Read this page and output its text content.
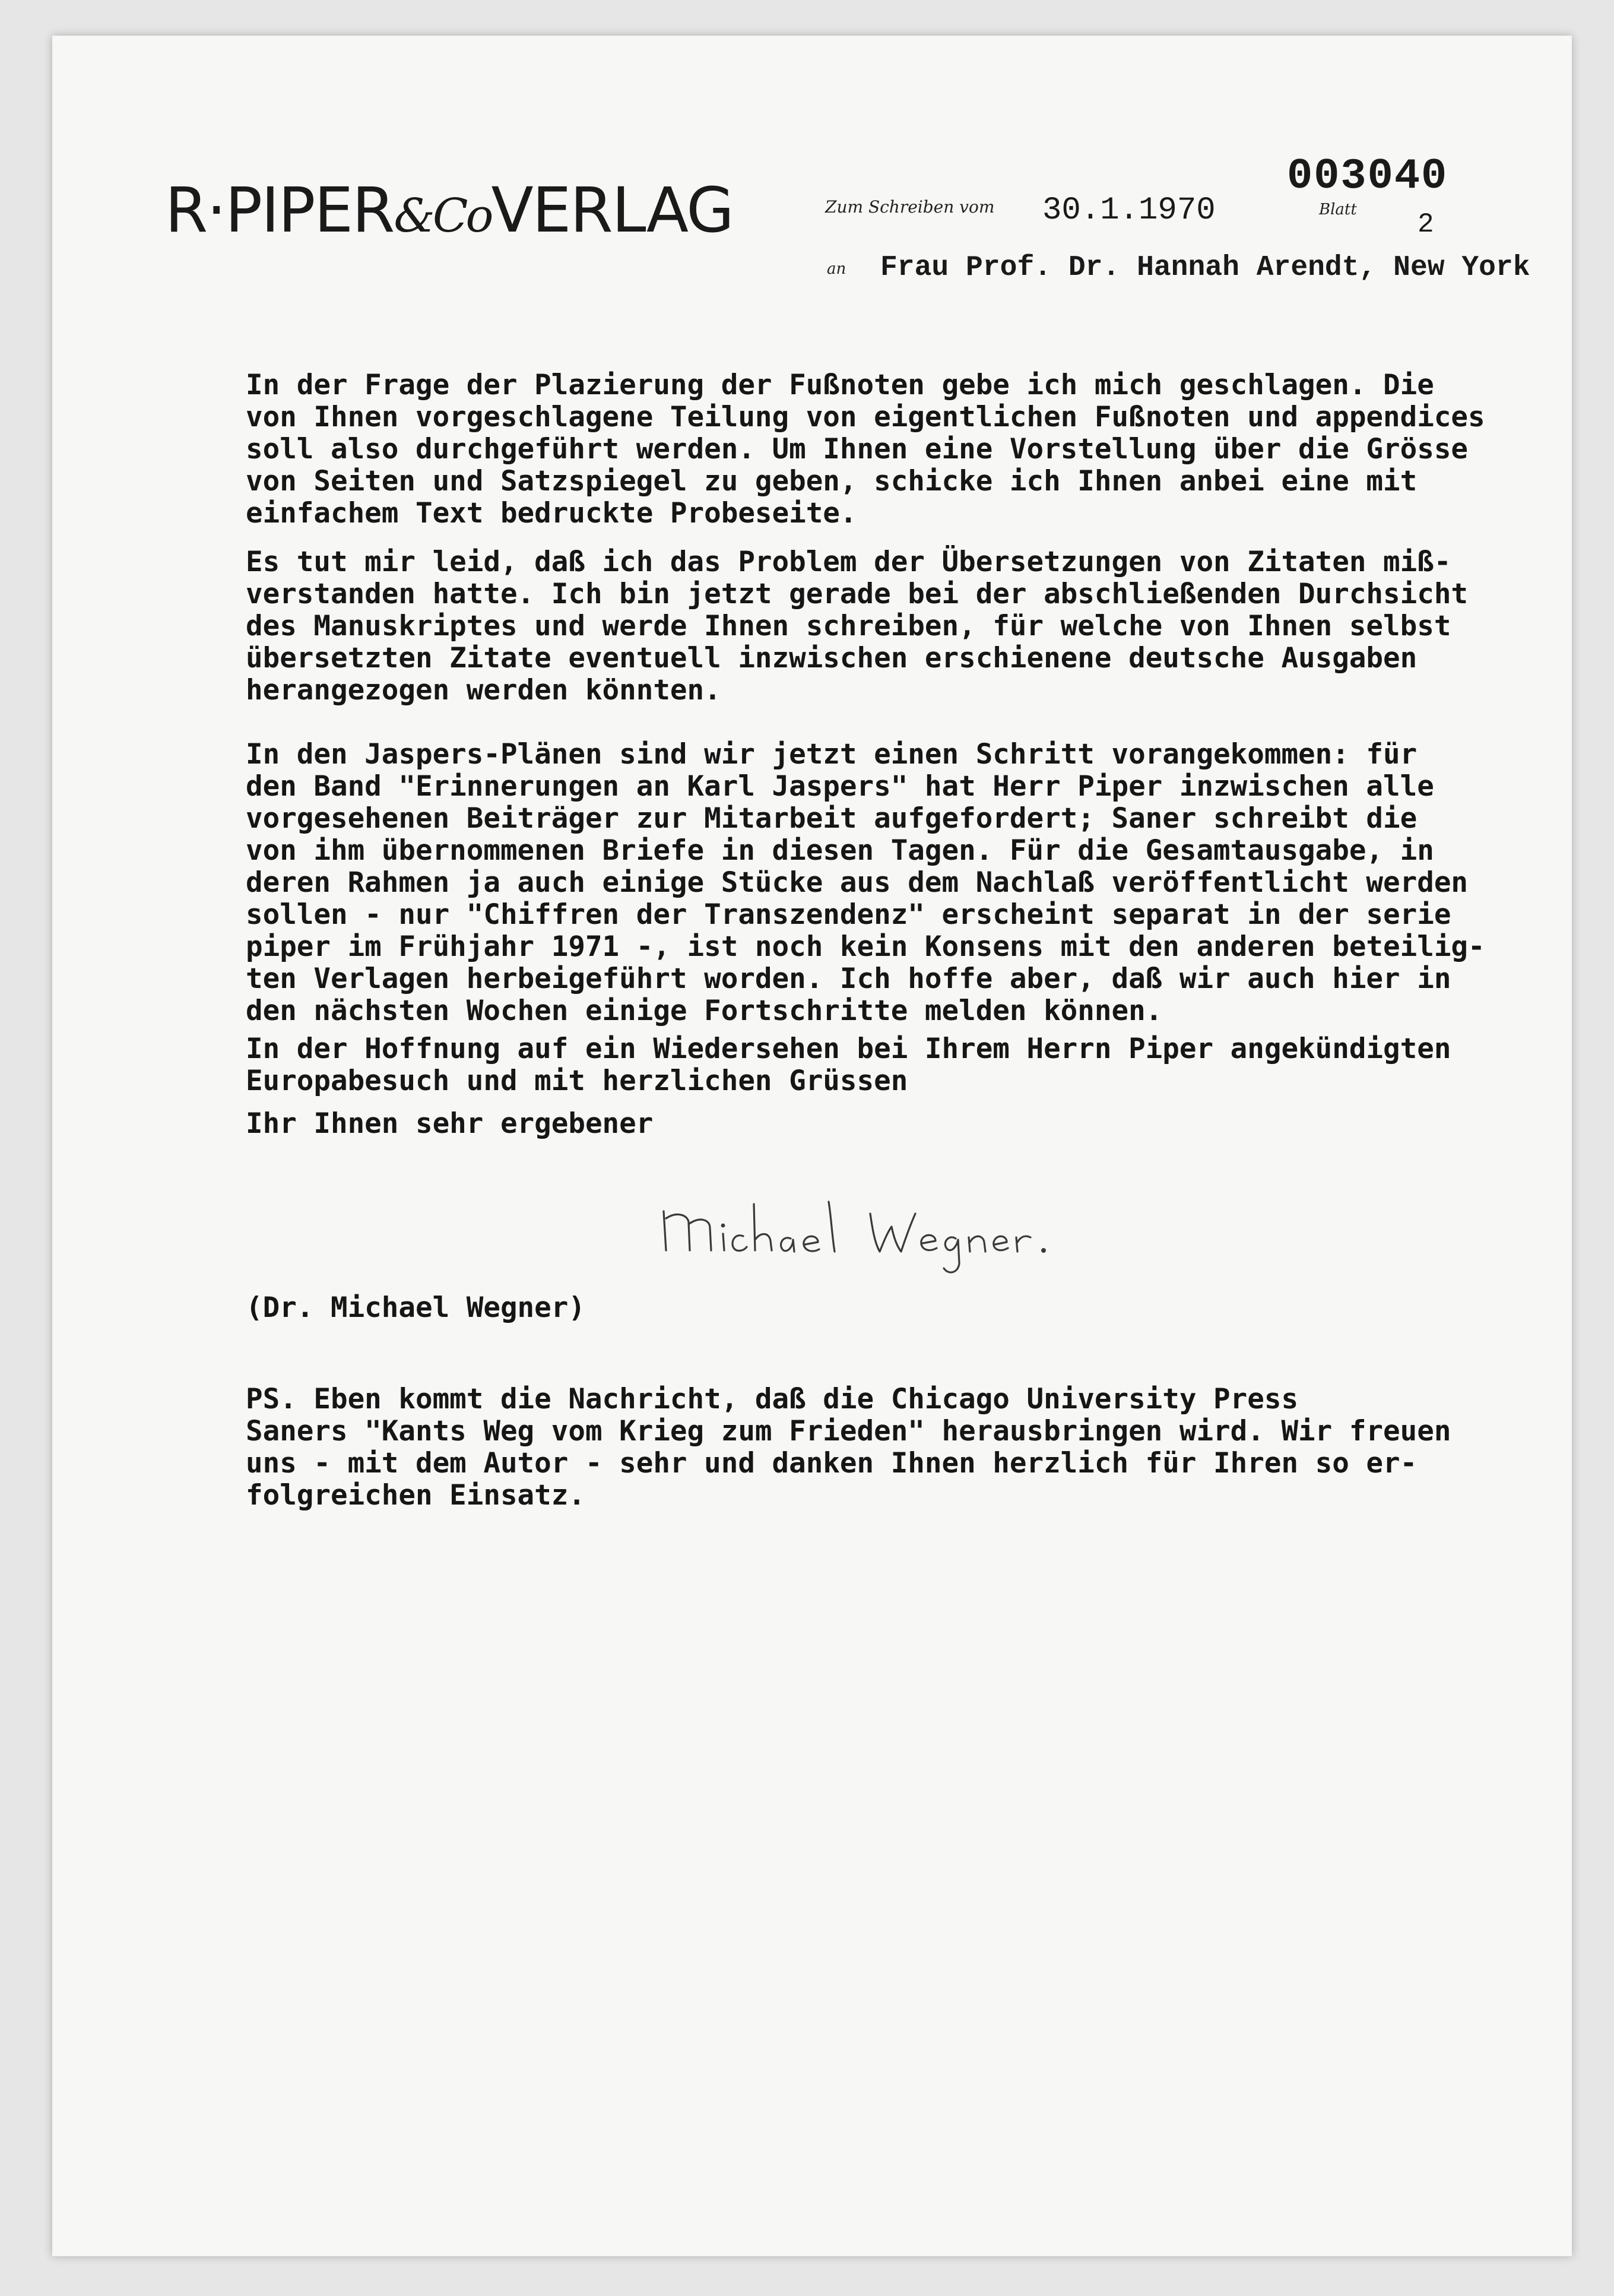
R·PIPER&CoVERLAG	Zum Schreiben vom 30.1.1970
003040
Blatt 2
an Frau Prof. Dr. Hannah Arendt, New York
In der Frage der Plazierung der Fußnoten gebe ich mich geschlagen. Die
von Ihnen vorgeschlagene Teilung von eigentlichen Fußnoten und appendices
soll also durchgeführt werden. Um Ihnen eine Vorstellung über die Grösse
von Seiten und Satzspiegel zu geben, schicke ich Ihnen anbei eine mit
einfachem Text bedruckte Probeseite.
Es tut mir leid, daß ich das Problem der Übersetzungen von Zitaten miß-
verstanden hatte. Ich bin jetzt gerade bei der abschließenden Durchsicht
des Manuskriptes und werde Ihnen schreiben, für welche von Ihnen selbst
übersetzten Zitate eventuell inzwischen erschienene deutsche Ausgaben
herangezogen werden könnten.
In den Jaspers-Plänen sind wir jetzt einen Schritt vorangekommen: für
den Band "Erinnerungen an Karl Jaspers" hat Herr Piper inzwischen alle
vorgesehenen Beiträger zur Mitarbeit aufgefordert; Saner schreibt die
von ihm übernommenen Briefe in diesen Tagen. Für die Gesamtausgabe, in
deren Rahmen ja auch einige Stücke aus dem Nachlaß veröffentlicht werden
sollen - nur "Chiffren der Transzendenz" erscheint separat in der serie
piper im Frühjahr 1971 -, ist noch kein Konsens mit den anderen beteilig-
ten Verlagen herbeigeführt worden. Ich hoffe aber, daß wir auch hier in
den nächsten Wochen einige Fortschritte melden können.
In der Hoffnung auf ein Wiedersehen bei Ihrem Herrn Piper angekündigten
Europabesuch und mit herzlichen Grüssen
Ihr Ihnen sehr ergebener
(Dr. Michael Wegner)
PS. Eben kommt die Nachricht, daß die Chicago University Press
Saners "Kants Weg vom Krieg zum Frieden" herausbringen wird. Wir freuen
uns - mit dem Autor - sehr und danken Ihnen herzlich für Ihren so er-
folgreichen Einsatz.
